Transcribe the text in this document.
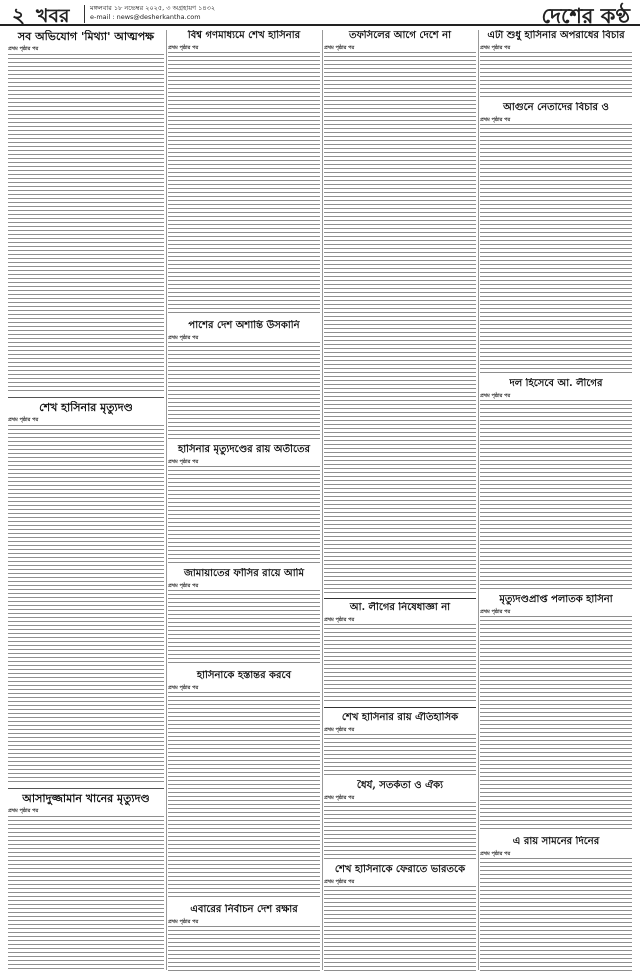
২ খবর	মঙ্গলবার ১৮ নভেম্বর ২০২৫, ৩ অগ্রহায়ণ ১৪৩২
e-mail : news@desherkantha.com	দেশের কণ্ঠ
সব অভিযোগ 'মিথ্যা' আত্মপক্ষ
প্রথম পৃষ্ঠার পর
শেখ হাসিনার মৃত্যুদণ্ড
প্রথম পৃষ্ঠার পর
আসাদুজ্জামান খানের মৃত্যুদণ্ড
প্রথম পৃষ্ঠার পর
বিশ্ব গণমাধ্যমে শেখ হাসিনার
প্রথম পৃষ্ঠার পর
পাশের দেশ অশান্তি উসকানি
প্রথম পৃষ্ঠার পর
হাসিনার মৃত্যুদণ্ডের রায় অতীতের
প্রথম পৃষ্ঠার পর
জামায়াতের ফাঁসির রায়ে আমি
প্রথম পৃষ্ঠার পর
হাসিনাকে হস্তান্তর করবে
প্রথম পৃষ্ঠার পর
এবারের নির্বাচন দেশ রক্ষার
প্রথম পৃষ্ঠার পর
তফসিলের আগে দেশে না
প্রথম পৃষ্ঠার পর
আ. লীগের নিষেধাজ্ঞা না
প্রথম পৃষ্ঠার পর
শেখ হাসিনার রায় ঐতিহাসিক
প্রথম পৃষ্ঠার পর
ধৈর্য, সতর্কতা ও ঐক্য
প্রথম পৃষ্ঠার পর
শেখ হাসিনাকে ফেরাতে ভারতকে
প্রথম পৃষ্ঠার পর
এটা শুধু হাসিনার অপরাধের বিচার
প্রথম পৃষ্ঠার পর
আগুনে নেতাদের বিচার ও
প্রথম পৃষ্ঠার পর
দল হিসেবে আ. লীগের
প্রথম পৃষ্ঠার পর
মৃত্যুদণ্ডপ্রাপ্ত পলাতক হাসিনা
প্রথম পৃষ্ঠার পর
এ রায় সামনের দিনের
প্রথম পৃষ্ঠার পর
